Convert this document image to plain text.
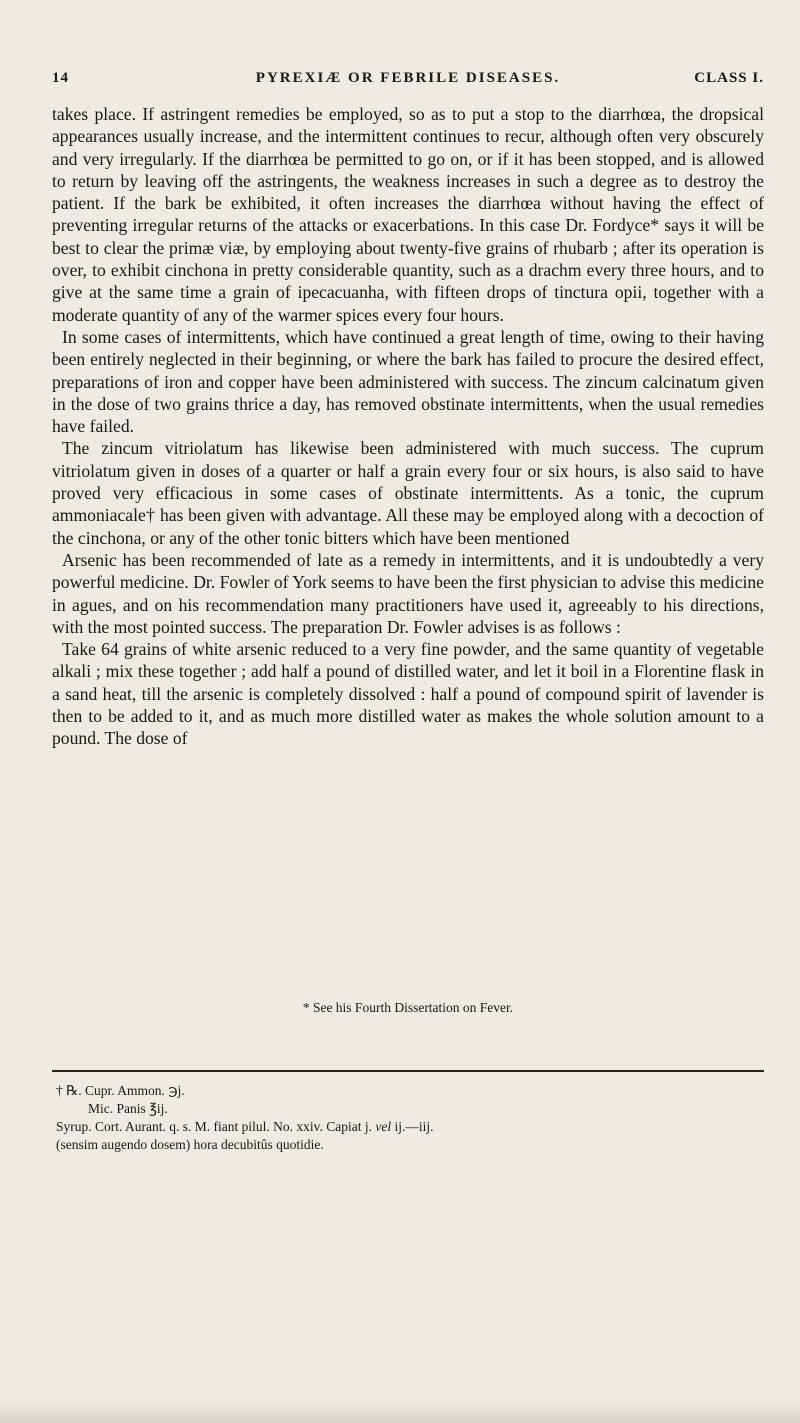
14	PYREXIÆ OR FEBRILE DISEASES.	CLASS I.

takes place. If astringent remedies be employed, so as to put a stop to the diarrhœa, the dropsical appearances usually increase, and the intermittent continues to recur, although often very obscurely and very irregularly. If the diarrhœa be permitted to go on, or if it has been stopped, and is allowed to return by leaving off the astringents, the weakness increases in such a degree as to destroy the patient. If the bark be exhibited, it often increases the diarrhœa without having the effect of preventing irregular returns of the attacks or exacerbations. In this case Dr. Fordyce* says it will be best to clear the primæ viæ, by employing about twenty-five grains of rhubarb ; after its operation is over, to exhibit cinchona in pretty considerable quantity, such as a drachm every three hours, and to give at the same time a grain of ipecacuanha, with fifteen drops of tinctura opii, together with a moderate quantity of any of the warmer spices every four hours.

In some cases of intermittents, which have continued a great length of time, owing to their having been entirely neglected in their beginning, or where the bark has failed to procure the desired effect, preparations of iron and copper have been administered with success. The zincum calcinatum given in the dose of two grains thrice a day, has removed obstinate intermittents, when the usual remedies have failed.

The zincum vitriolatum has likewise been administered with much success. The cuprum vitriolatum given in doses of a quarter or half a grain every four or six hours, is also said to have proved very efficacious in some cases of obstinate intermittents. As a tonic, the cuprum ammoniacale† has been given with advantage. All these may be employed along with a decoction of the cinchona, or any of the other tonic bitters which have been mentioned

Arsenic has been recommended of late as a remedy in intermittents, and it is undoubtedly a very powerful medicine. Dr. Fowler of York seems to have been the first physician to advise this medicine in agues, and on his recommendation many practitioners have used it, agreeably to his directions, with the most pointed success. The preparation Dr. Fowler advises is as follows :

Take 64 grains of white arsenic reduced to a very fine powder, and the same quantity of vegetable alkali ; mix these together ; add half a pound of distilled water, and let it boil in a Florentine flask in a sand heat, till the arsenic is completely dissolved : half a pound of compound spirit of lavender is then to be added to it, and as much more distilled water as makes the whole solution amount to a pound. The dose of

* See his Fourth Dissertation on Fever.
† ℞. Cupr. Ammon. ℈j.
Mic. Panis ℥ij.
Syrup. Cort. Aurant. q. s. M. fiant pilul. No. xxiv. Capiat j. vel ij.—iij.
(sensim augendo dosem) hora decubitûs quotidie.
